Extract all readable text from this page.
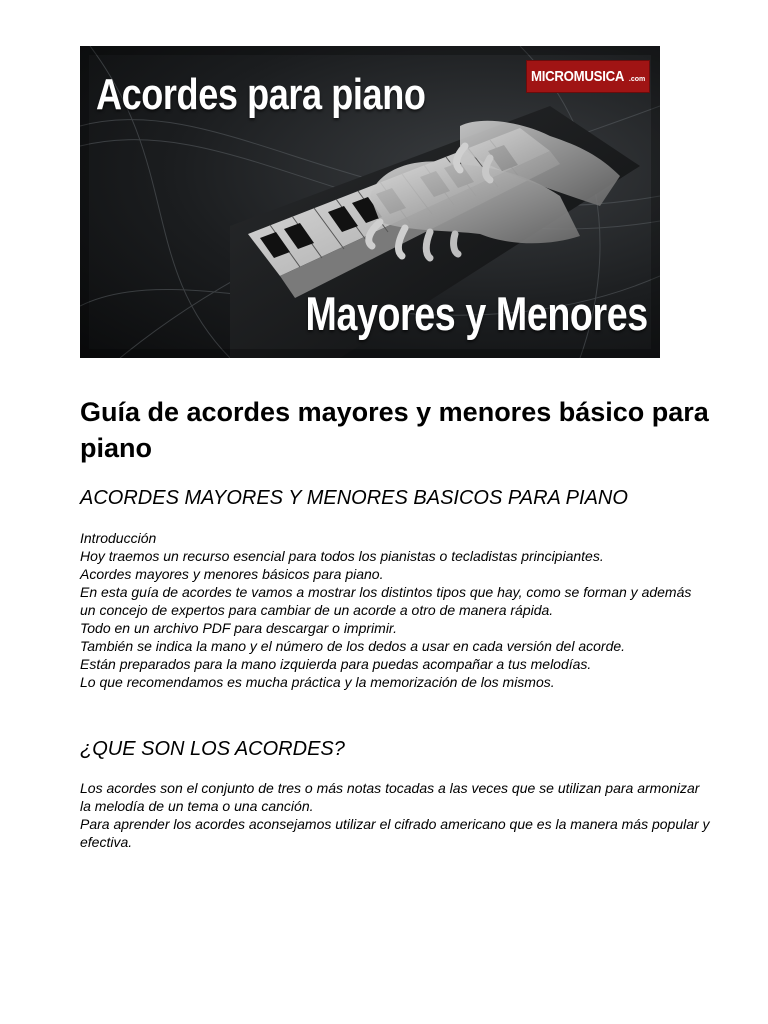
Acordes para piano	MICROMUSICA .com
Mayores y Menores
Guía de acordes mayores y menores básico para piano
ACORDES MAYORES Y MENORES BASICOS PARA PIANO
Introducción
Hoy traemos un recurso esencial para todos los pianistas o tecladistas principiantes.
Acordes mayores y menores básicos para piano.
En esta guía de acordes te vamos a mostrar los distintos tipos que hay, como se forman y además un concejo de expertos para cambiar de un acorde a otro de manera rápida.
Todo en un archivo PDF para descargar o imprimir.
También se indica la mano y el número de los dedos a usar en cada versión del acorde.
Están preparados para la mano izquierda para puedas acompañar a tus melodías.
Lo que recomendamos es mucha práctica y la memorización de los mismos.
¿QUE SON LOS ACORDES?
Los acordes son el conjunto de tres o más notas tocadas a las veces que se utilizan para armonizar la melodía de un tema o una canción.
Para aprender los acordes aconsejamos utilizar el cifrado americano que es la manera más popular y efectiva.
